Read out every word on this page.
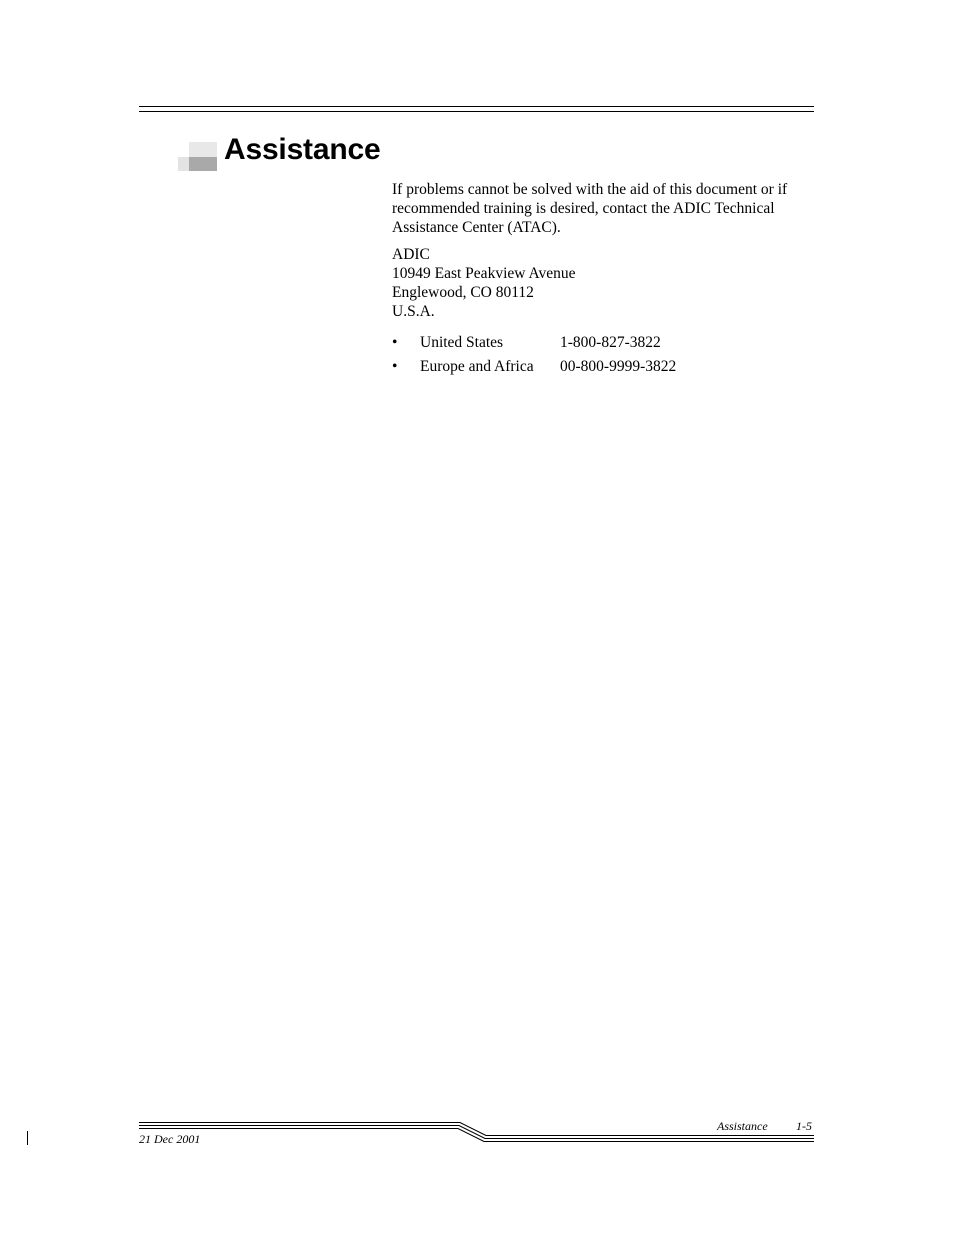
Assistance

If problems cannot be solved with the aid of this document or if recommended training is desired, contact the ADIC Technical Assistance Center (ATAC).

ADIC
10949 East Peakview Avenue
Englewood, CO 80112
U.S.A.

• United States	1-800-827-3822
• Europe and Africa 00-800-9999-3822
Assistance 1-5
21 Dec 2001
